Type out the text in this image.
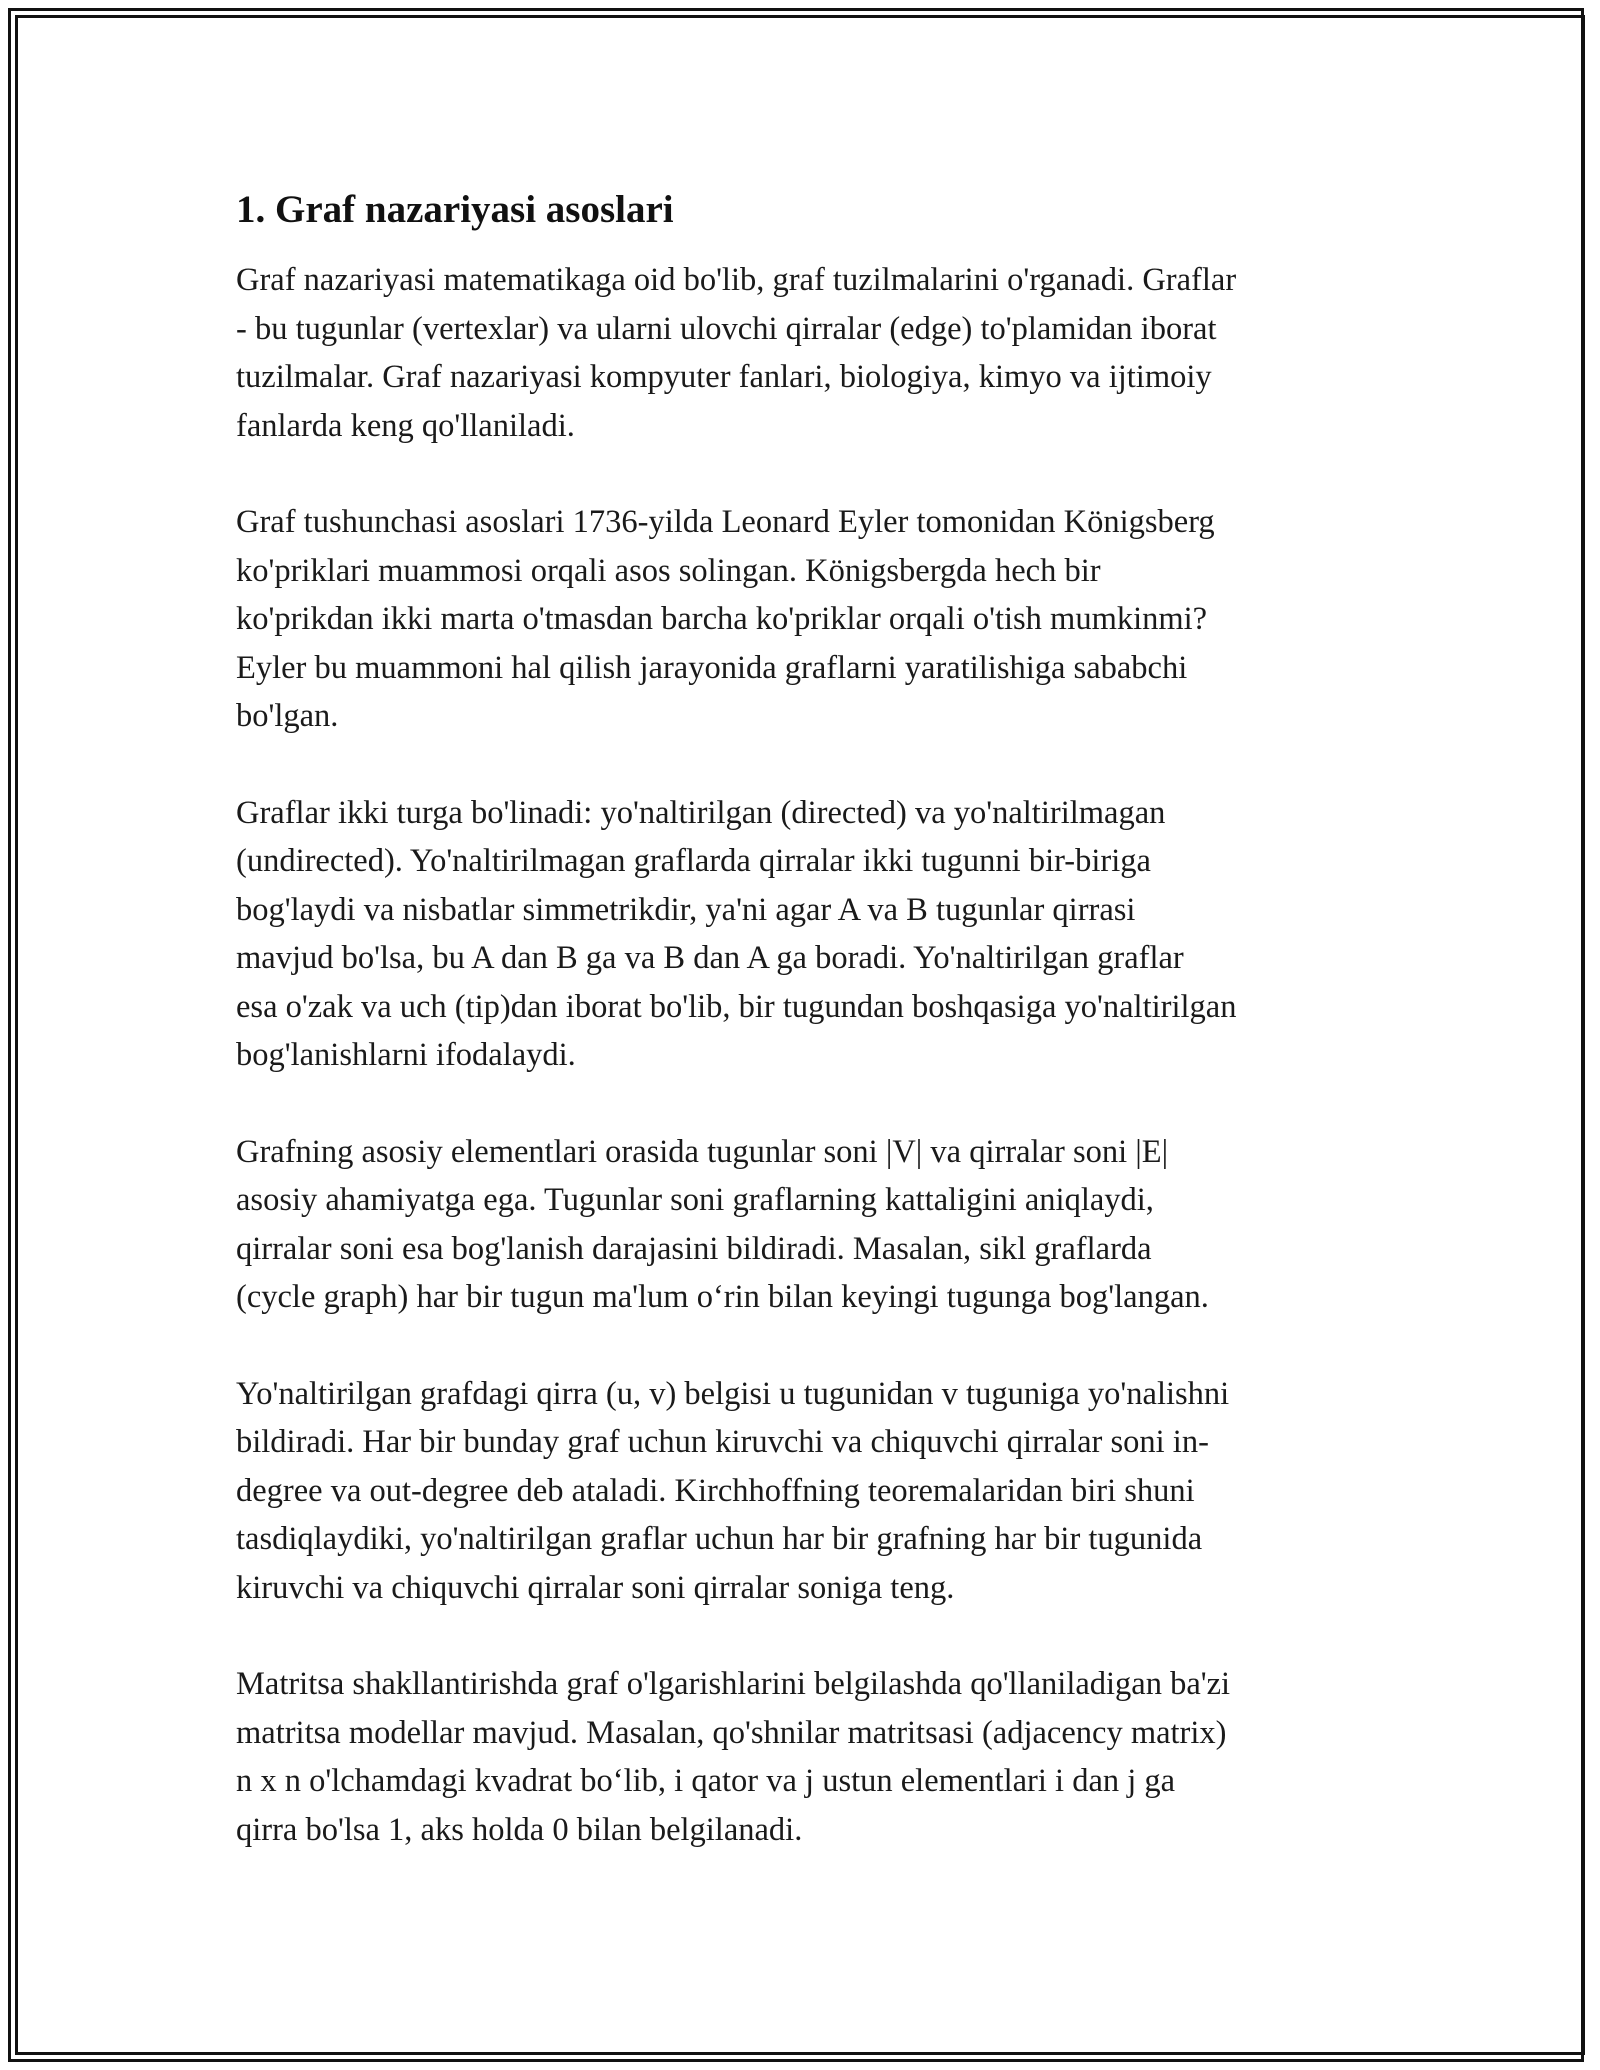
1. Graf nazariyasi asoslari
Graf nazariyasi matematikaga oid bo'lib, graf tuzilmalarini o'rganadi. Graflar
- bu tugunlar (vertexlar) va ularni ulovchi qirralar (edge) to'plamidan iborat
tuzilmalar. Graf nazariyasi kompyuter fanlari, biologiya, kimyo va ijtimoiy
fanlarda keng qo'llaniladi.
Graf tushunchasi asoslari 1736-yilda Leonard Eyler tomonidan Königsberg
ko'priklari muammosi orqali asos solingan. Königsbergda hech bir
ko'prikdan ikki marta o'tmasdan barcha ko'priklar orqali o'tish mumkinmi?
Eyler bu muammoni hal qilish jarayonida graflarni yaratilishiga sababchi
bo'lgan.
Graflar ikki turga bo'linadi: yo'naltirilgan (directed) va yo'naltirilmagan
(undirected). Yo'naltirilmagan graflarda qirralar ikki tugunni bir-biriga
bog'laydi va nisbatlar simmetrikdir, ya'ni agar A va B tugunlar qirrasi
mavjud bo'lsa, bu A dan B ga va B dan A ga boradi. Yo'naltirilgan graflar
esa o'zak va uch (tip)dan iborat bo'lib, bir tugundan boshqasiga yo'naltirilgan
bog'lanishlarni ifodalaydi.
Grafning asosiy elementlari orasida tugunlar soni |V| va qirralar soni |E|
asosiy ahamiyatga ega. Tugunlar soni graflarning kattaligini aniqlaydi,
qirralar soni esa bog'lanish darajasini bildiradi. Masalan, sikl graflarda
(cycle graph) har bir tugun ma'lum o‘rin bilan keyingi tugunga bog'langan.
Yo'naltirilgan grafdagi qirra (u, v) belgisi u tugunidan v tuguniga yo'nalishni
bildiradi. Har bir bunday graf uchun kiruvchi va chiquvchi qirralar soni in-
degree va out-degree deb ataladi. Kirchhoffning teoremalaridan biri shuni
tasdiqlaydiki, yo'naltirilgan graflar uchun har bir grafning har bir tugunida
kiruvchi va chiquvchi qirralar soni qirralar soniga teng.
Matritsa shakllantirishda graf o'lgarishlarini belgilashda qo'llaniladigan ba'zi
matritsa modellar mavjud. Masalan, qo'shnilar matritsasi (adjacency matrix)
n x n o'lchamdagi kvadrat bo‘lib, i qator va j ustun elementlari i dan j ga
qirra bo'lsa 1, aks holda 0 bilan belgilanadi.
